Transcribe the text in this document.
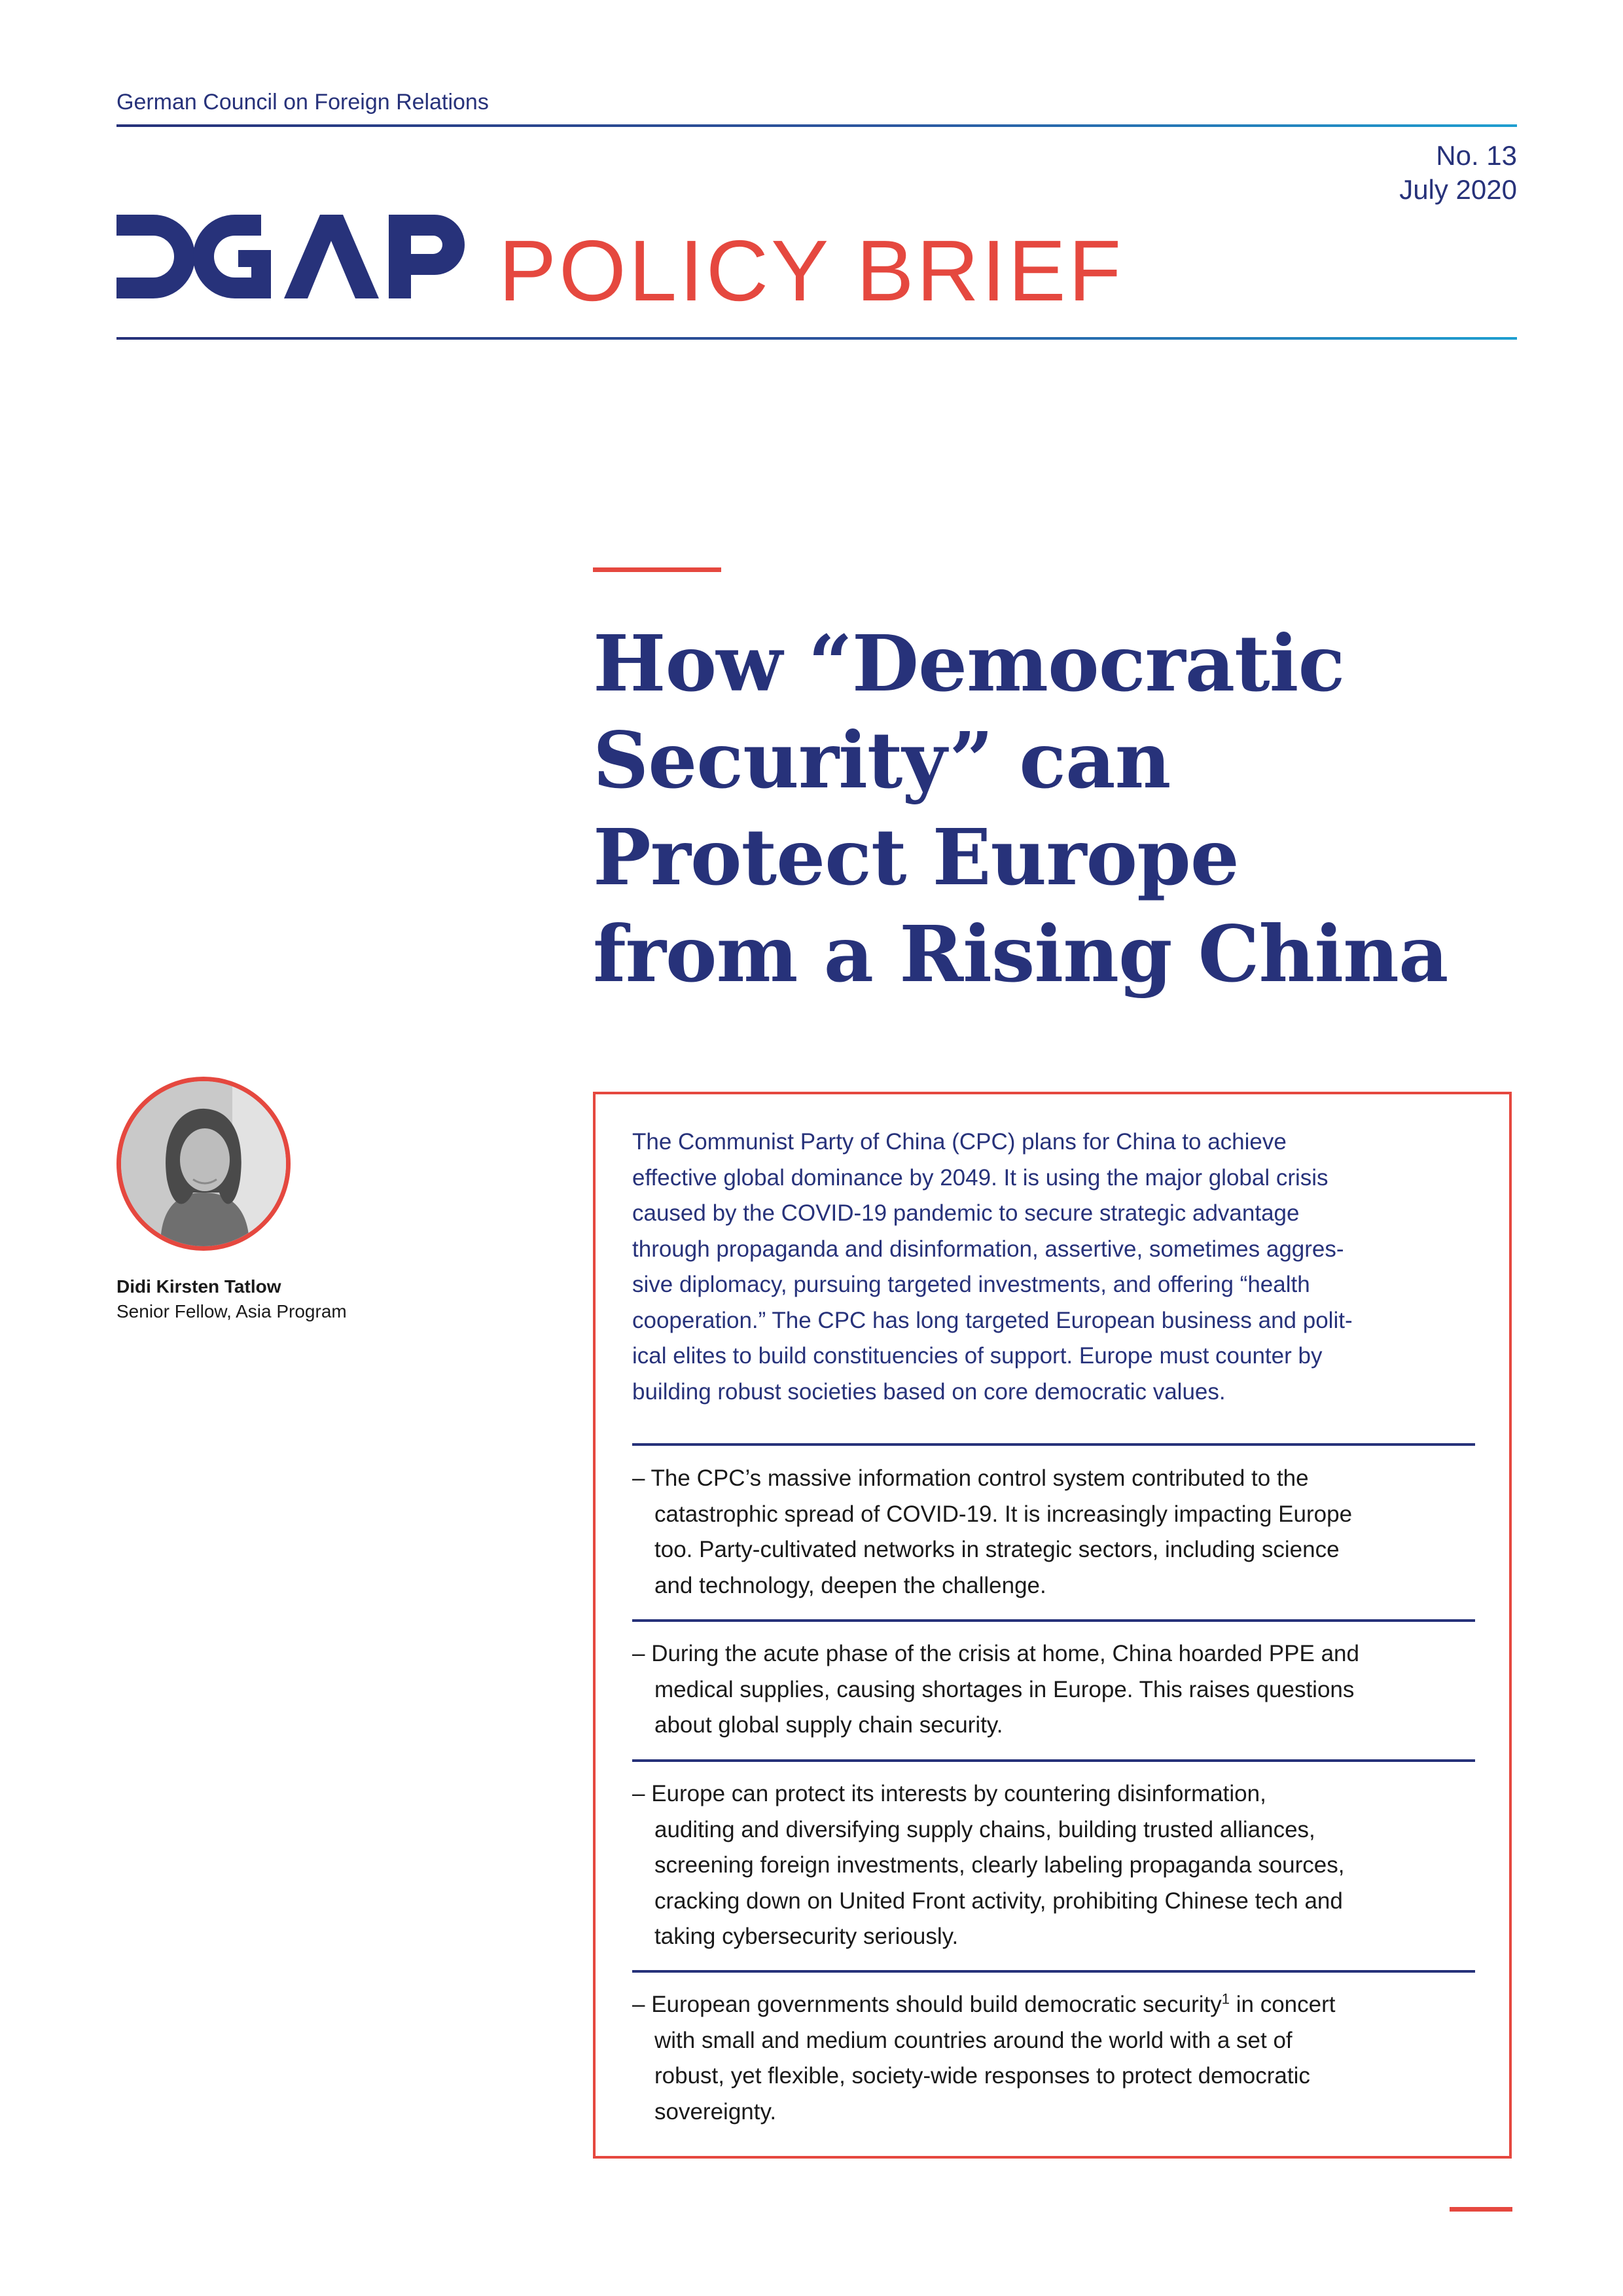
German Council on Foreign Relations
No. 13
July 2020
POLICY BRIEF
How “Democratic
Security” can
Protect Europe
from a Rising China
Didi Kirsten Tatlow
Senior Fellow, Asia Program
The Communist Party of China (CPC) plans for China to achieve
effective global dominance by 2049. It is using the major global crisis
caused by the COVID-19 pandemic to secure strategic advantage
through propaganda and disinformation, assertive, sometimes aggres-
sive diplomacy, pursuing targeted investments, and offering “health
cooperation.” The CPC has long targeted European business and polit-
ical elites to build constituencies of support. Europe must counter by
building robust societies based on core democratic values.
– The CPC’s massive information control system contributed to the
catastrophic spread of COVID-19. It is increasingly impacting Europe
too. Party-cultivated networks in strategic sectors, including science
and technology, deepen the challenge.
– During the acute phase of the crisis at home, China hoarded PPE and
medical supplies, causing shortages in Europe. This raises questions
about global supply chain security.
– Europe can protect its interests by countering disinformation,
auditing and diversifying supply chains, building trusted alliances,
screening foreign investments, clearly labeling propaganda sources,
cracking down on United Front activity, prohibiting Chinese tech and
taking cybersecurity seriously.
– European governments should build democratic security$^1$ in concert
with small and medium countries around the world with a set of
robust, yet flexible, society-wide responses to protect democratic
sovereignty.
